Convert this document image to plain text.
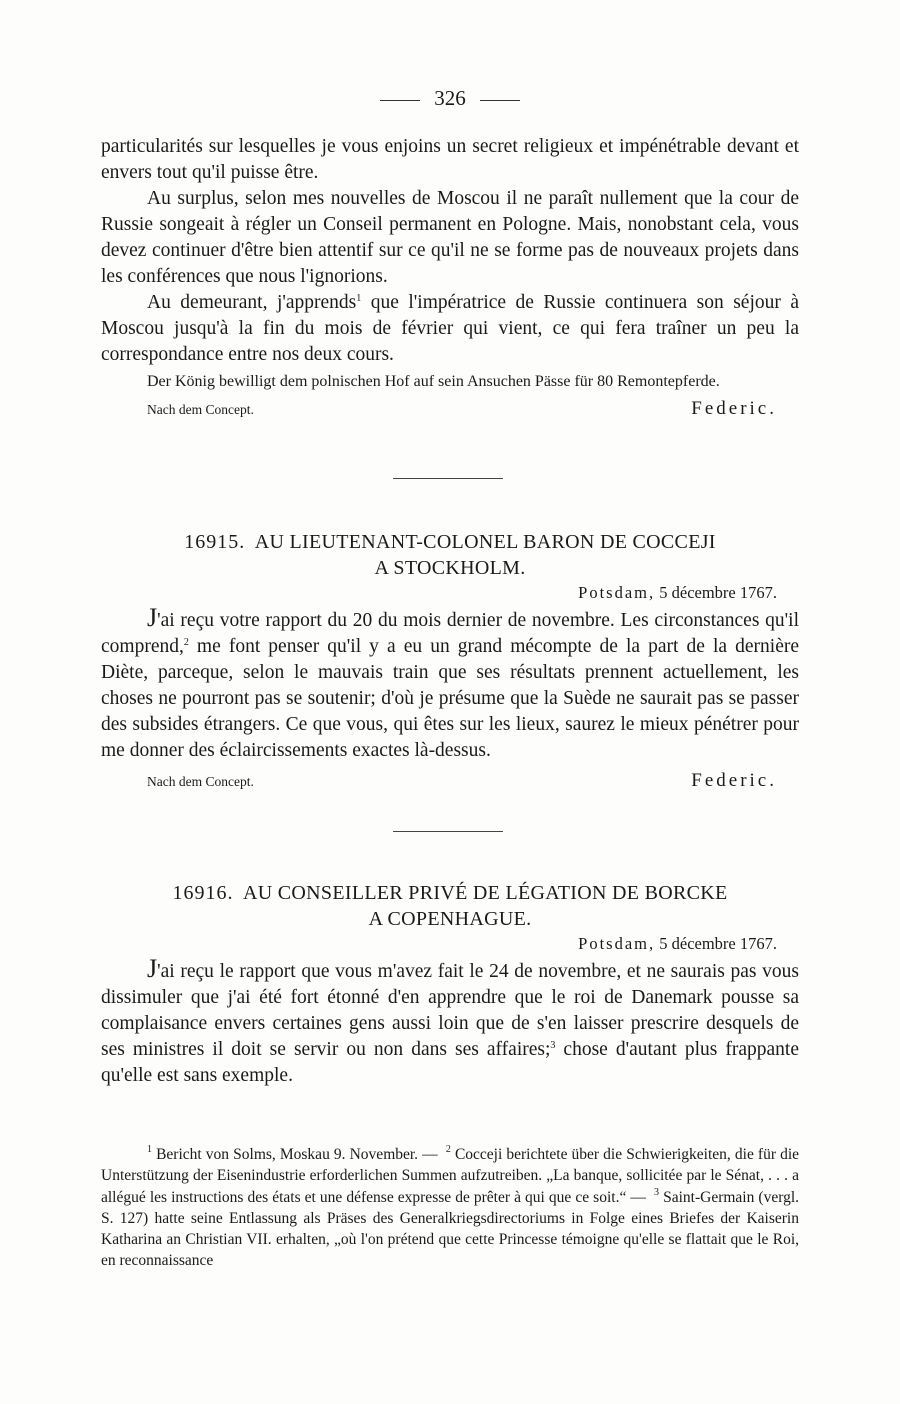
326

particularités sur lesquelles je vous enjoins un secret religieux et impénétrable devant et envers tout qu'il puisse être.

Au surplus, selon mes nouvelles de Moscou il ne paraît nullement que la cour de Russie songeait à régler un Conseil permanent en Pologne. Mais, nonobstant cela, vous devez continuer d'être bien attentif sur ce qu'il ne se forme pas de nouveaux projets dans les conférences que nous l'ignorions.

Au demeurant, j'apprends$^1$ que l'impératrice de Russie continuera son séjour à Moscou jusqu'à la fin du mois de février qui vient, ce qui fera traîner un peu la correspondance entre nos deux cours.

Der König bewilligt dem polnischen Hof auf sein Ansuchen Pässe für 80 Remontepferde.

Nach dem Concept.	Federic.
16915. AU LIEUTENANT-COLONEL BARON DE COCCEJI
A STOCKHOLM.
Potsdam, 5 décembre 1767.

J'ai reçu votre rapport du 20 du mois dernier de novembre. Les circonstances qu'il comprend,$^2$ me font penser qu'il y a eu un grand mécompte de la part de la dernière Diète, parceque, selon le mauvais train que ses résultats prennent actuellement, les choses ne pourront pas se soutenir; d'où je présume que la Suède ne saurait pas se passer des subsides étrangers. Ce que vous, qui êtes sur les lieux, saurez le mieux pénétrer pour me donner des éclaircissements exactes là-dessus.

Nach dem Concept.	Federic.
16916. AU CONSEILLER PRIVÉ DE LÉGATION DE BORCKE
A COPENHAGUE.
Potsdam, 5 décembre 1767.

J'ai reçu le rapport que vous m'avez fait le 24 de novembre, et ne saurais pas vous dissimuler que j'ai été fort étonné d'en apprendre que le roi de Danemark pousse sa complaisance envers certaines gens aussi loin que de s'en laisser prescrire desquels de ses ministres il doit se servir ou non dans ses affaires;$^3$ chose d'autant plus frappante qu'elle est sans exemple.

$^1$ Bericht von Solms, Moskau 9. November. — $^2$ Cocceji berichtete über die Schwierigkeiten, die für die Unterstützung der Eisenindustrie erforderlichen Summen aufzutreiben. „La banque, sollicitée par le Sénat, . . . a allégué les instructions des états et une défense expresse de prêter à qui que ce soit.“ — $^3$ Saint-Germain (vergl. S. 127) hatte seine Entlassung als Präses des Generalkriegsdirectoriums in Folge eines Briefes der Kaiserin Katharina an Christian VII. erhalten, „où l'on prétend que cette Princesse témoigne qu'elle se flattait que le Roi, en reconnaissance
